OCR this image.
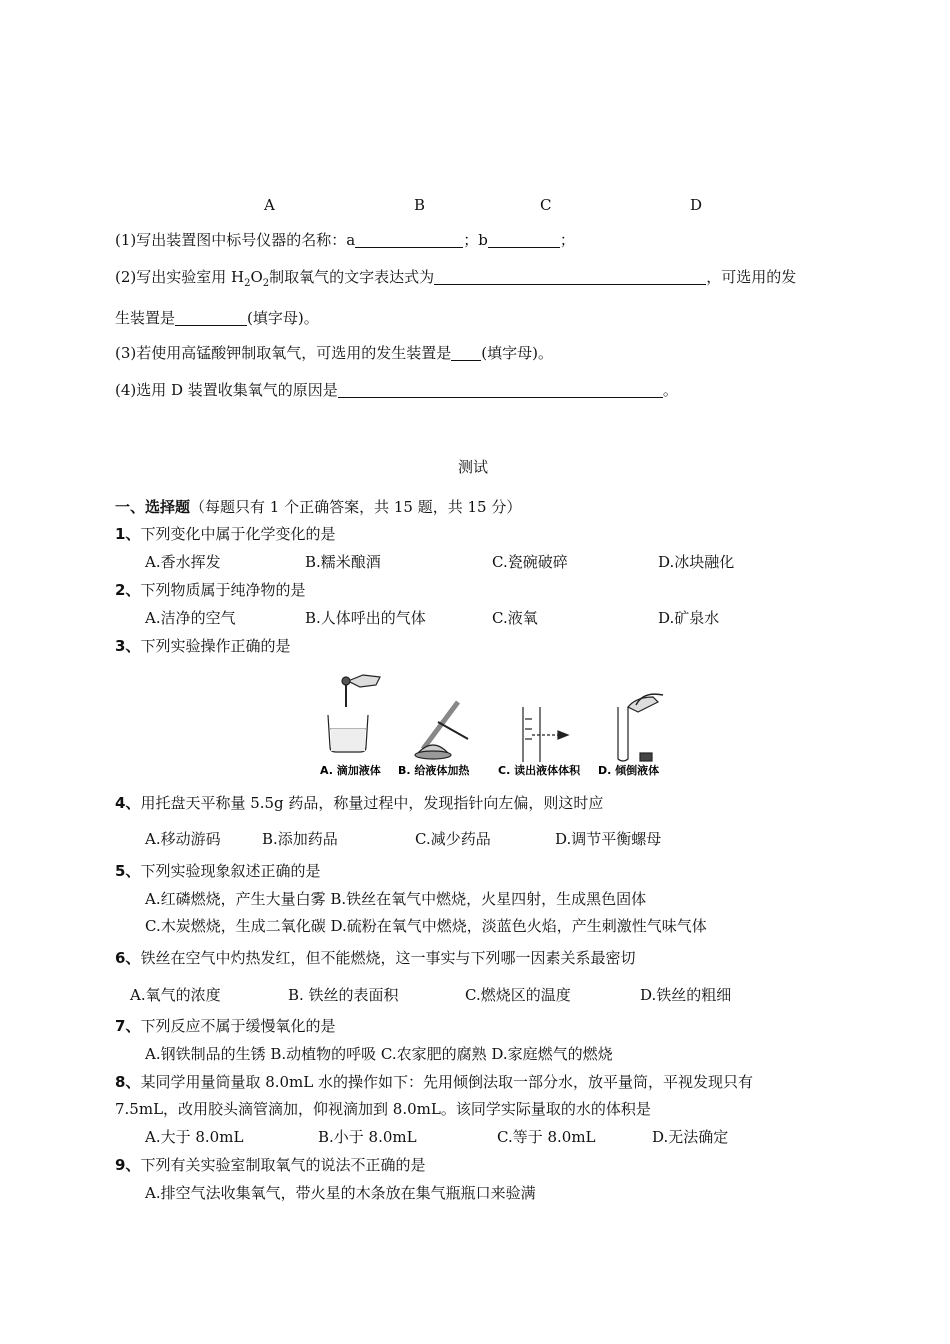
A	B	C	D
(1)写出装置图中标号仪器的名称：a	；b	；
(2)写出实验室用 $H_2O_2$制取氧气的文字表达式为	，可选用的发
生装置是	(填字母)。
(3)若使用高锰酸钾制取氧气，可选用的发生装置是 (填字母)。
(4)选用 D 装置收集氧气的原因是	。
测试
一、选择题（每题只有 1 个正确答案，共 15 题，共 15 分）
1、下列变化中属于化学变化的是
A.香水挥发	B.糯米酿酒	C.瓷碗破碎	D.冰块融化
2、下列物质属于纯净物的是
A.洁净的空气	B.人体呼出的气体	C.液氧	D.矿泉水
3、下列实验操作正确的是
A. 滴加液体 B. 给液体加热	C. 读出液体体积 D. 倾倒液体
4、用托盘天平称量 5.5g 药品，称量过程中，发现指针向左偏，则这时应
A.移动游码	B.添加药品	C.减少药品	D.调节平衡螺母
5、下列实验现象叙述正确的是
A.红磷燃烧，产生大量白雾 B.铁丝在氧气中燃烧，火星四射，生成黑色固体
C.木炭燃烧，生成二氧化碳 D.硫粉在氧气中燃烧，淡蓝色火焰，产生刺激性气味气体
6、铁丝在空气中灼热发红，但不能燃烧，这一事实与下列哪一因素关系最密切
A.氧气的浓度	B. 铁丝的表面积	C.燃烧区的温度	D.铁丝的粗细
7、下列反应不属于缓慢氧化的是
A.钢铁制品的生锈 B.动植物的呼吸 C.农家肥的腐熟 D.家庭燃气的燃烧
8、某同学用量筒量取 8.0mL 水的操作如下：先用倾倒法取一部分水，放平量筒，平视发现只有
7.5mL，改用胶头滴管滴加，仰视滴加到 8.0mL。该同学实际量取的水的体积是
A.大于 8.0mL	B.小于 8.0mL	C.等于 8.0mL	D.无法确定
9、下列有关实验室制取氧气的说法不正确的是
A.排空气法收集氧气，带火星的木条放在集气瓶瓶口来验满
